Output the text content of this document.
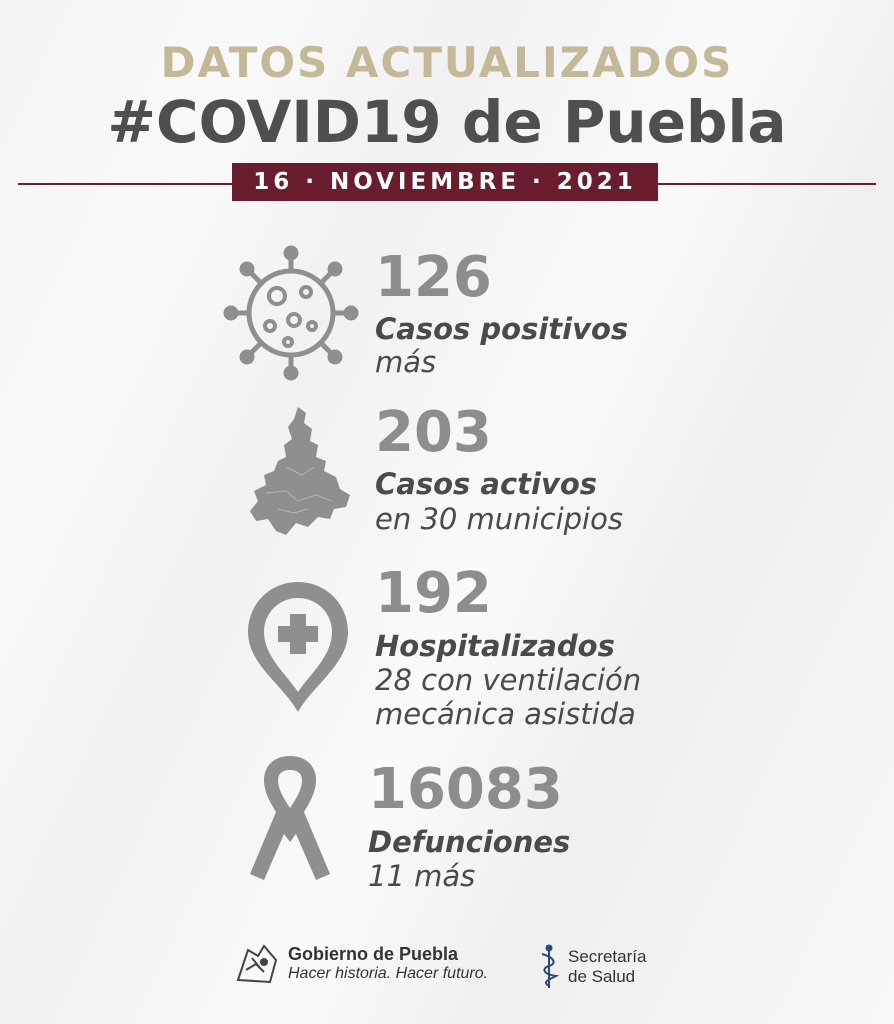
DATOS ACTUALIZADOS
#COVID19 de Puebla
16 · NOVIEMBRE · 2021
126
Casos positivos
más
203
Casos activos
en 30 municipios
192
Hospitalizados
28 con ventilación
mecánica asistida
16083
Defunciones
11 más
Gobierno de Puebla
Hacer historia. Hacer futuro.
Secretaría
de Salud
